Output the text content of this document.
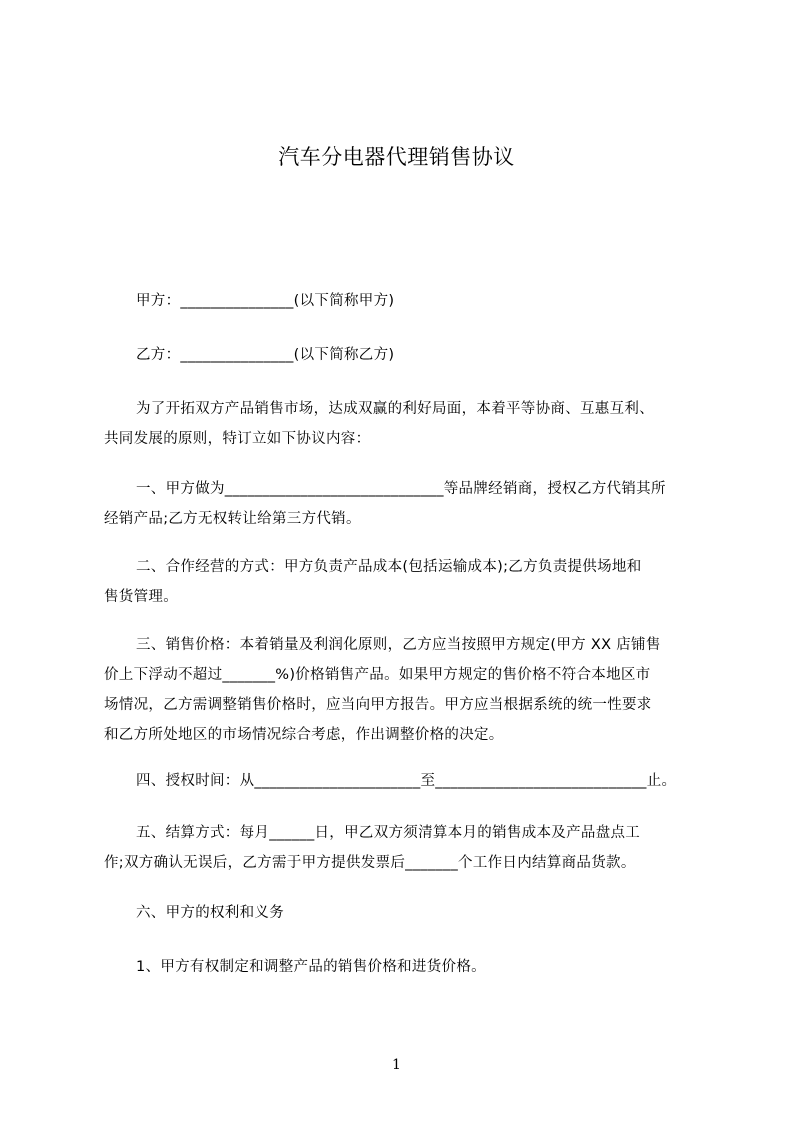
汽车分电器代理销售协议
甲方：_______________(以下简称甲方)
乙方：_______________(以下简称乙方)
为了开拓双方产品销售市场，达成双赢的利好局面，本着平等协商、互惠互利、
共同发展的原则，特订立如下协议内容：
一、甲方做为_____________________________等品牌经销商，授权乙方代销其所
经销产品;乙方无权转让给第三方代销。
二、合作经营的方式：甲方负责产品成本(包括运输成本);乙方负责提供场地和
售货管理。
三、销售价格：本着销量及利润化原则，乙方应当按照甲方规定(甲方 XX 店铺售
价上下浮动不超过_______%)价格销售产品。如果甲方规定的售价格不符合本地区市
场情况，乙方需调整销售价格时，应当向甲方报告。甲方应当根据系统的统一性要求
和乙方所处地区的市场情况综合考虑，作出调整价格的决定。
四、授权时间：从______________________至____________________________止。
五、结算方式：每月______日，甲乙双方须清算本月的销售成本及产品盘点工
作;双方确认无误后，乙方需于甲方提供发票后_______个工作日内结算商品货款。
六、甲方的权利和义务
1、甲方有权制定和调整产品的销售价格和进货价格。
1
